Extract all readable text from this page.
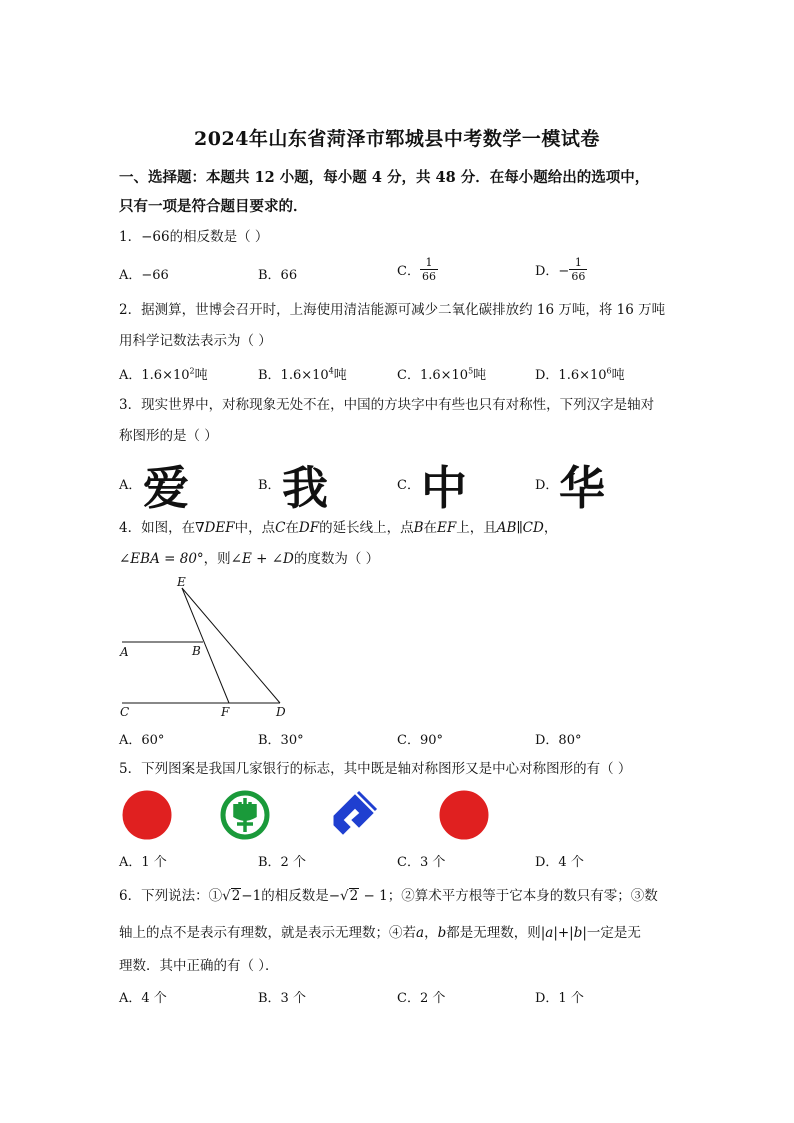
2024年山东省菏泽市郓城县中考数学一模试卷
一、选择题：本题共 12 小题，每小题 4 分，共 48 分．在每小题给出的选项中，
只有一项是符合题目要求的．
1．−66的相反数是（ ）
A．−66	B．66	C． $\frac{1}{66}$	D．− $\frac{1}{66}$
2．据测算，世博会召开时，上海使用清洁能源可减少二氧化碳排放约 16 万吨，将 16 万吨
用科学记数法表示为（ ）
A．$1.6\times 10^2$吨	B．$1.6\times 10^4$吨	C．$1.6\times 10^5$吨	D．$1.6\times 10^6$吨
3．现实世界中，对称现象无处不在，中国的方块字中有些也只有对称性，下列汉字是轴对
称图形的是（ ）
A． 爱	B． 我	C． 中	D． 华
4．如图，在∇DEF中，点C在DF的延长线上，点B在EF上，且AB∥CD，
∠EBA = 80°，则∠E + ∠D的度数为（ ）
E
A	B
C	F	D
A．60°	B．30°	C．90°	D．80°
5．下列图案是我国几家银行的标志，其中既是轴对称图形又是中心对称图形的有（ ）
A．1 个	B．2 个	C．3 个	D．4 个
6．下列说法：①√2−1的相反数是−√2 − 1；②算术平方根等于它本身的数只有零；③数
轴上的点不是表示有理数，就是表示无理数；④若a，b都是无理数，则|a|+|b|一定是无
理数．其中正确的有（ ）．
A．4 个	B．3 个	C．2 个	D．1 个
